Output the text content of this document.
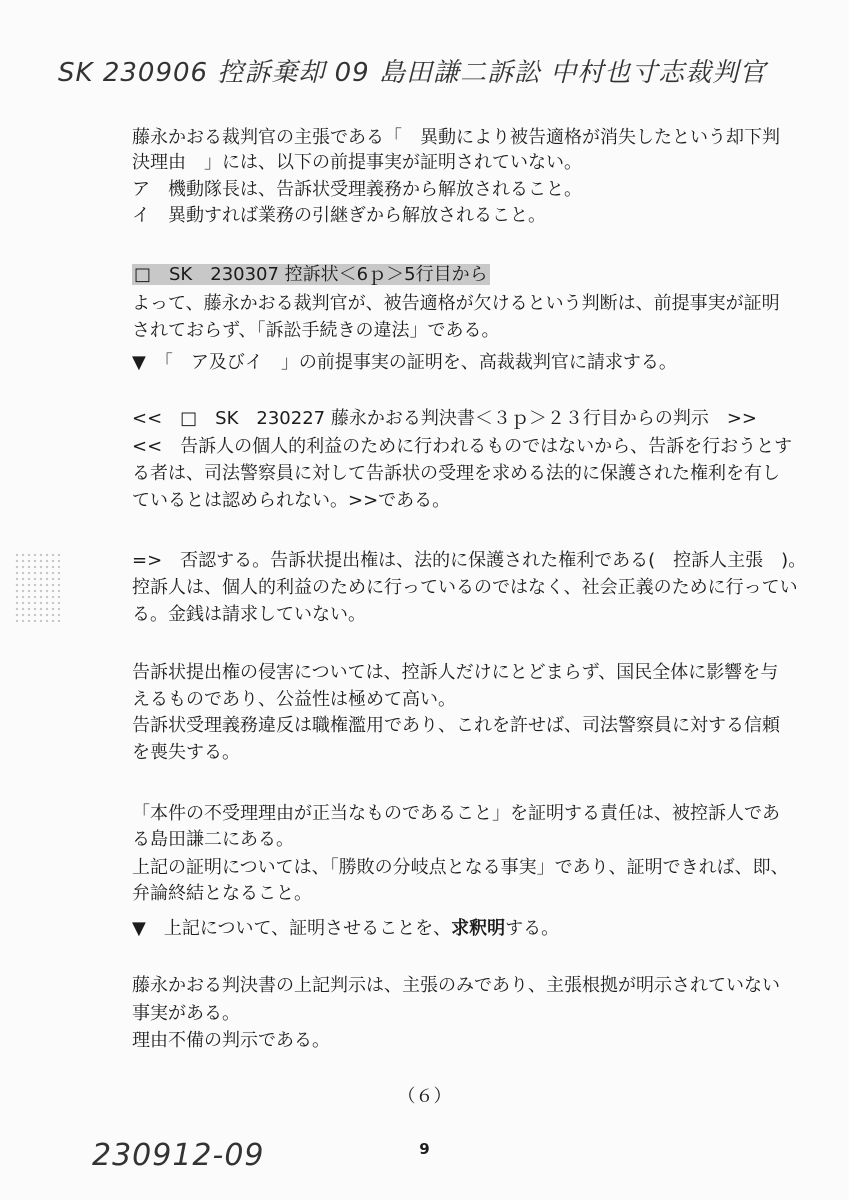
SK 230906 控訴棄却 09 島田謙二訴訟 中村也寸志裁判官
藤永かおる裁判官の主張である「　異動により被告適格が消失したという却下判
決理由　」には、以下の前提事実が証明されていない。
ア　機動隊長は、告訴状受理義務から解放されること。
イ　異動すれば業務の引継ぎから解放されること。
□　SK　230307 控訴状＜6ｐ＞5行目から
よって、藤永かおる裁判官が、被告適格が欠けるという判断は、前提事実が証明
されておらず、「訴訟手続きの違法」である。
▼　「　ア及びイ　」の前提事実の証明を、高裁裁判官に請求する。
<<　□　SK　230227 藤永かおる判決書＜３ｐ＞２３行目からの判示　>>
<<　告訴人の個人的利益のために行われるものではないから、告訴を行おうとす
る者は、司法警察員に対して告訴状の受理を求める法的に保護された権利を有し
ているとは認められない。>>である。
=>　否認する。告訴状提出権は、法的に保護された権利である(　控訴人主張　)。
控訴人は、個人的利益のために行っているのではなく、社会正義のために行ってい
る。金銭は請求していない。
告訴状提出権の侵害については、控訴人だけにとどまらず、国民全体に影響を与
えるものであり、公益性は極めて高い。
告訴状受理義務違反は職権濫用であり、これを許せば、司法警察員に対する信頼
を喪失する。
「本件の不受理理由が正当なものであること」を証明する責任は、被控訴人であ
る島田謙二にある。
上記の証明については、「勝敗の分岐点となる事実」であり、証明できれば、即、
弁論終結となること。
▼　上記について、証明させることを、求釈明する。
藤永かおる判決書の上記判示は、主張のみであり、主張根拠が明示されていない
事実がある。
理由不備の判示である。
（６）
230912-09	9
